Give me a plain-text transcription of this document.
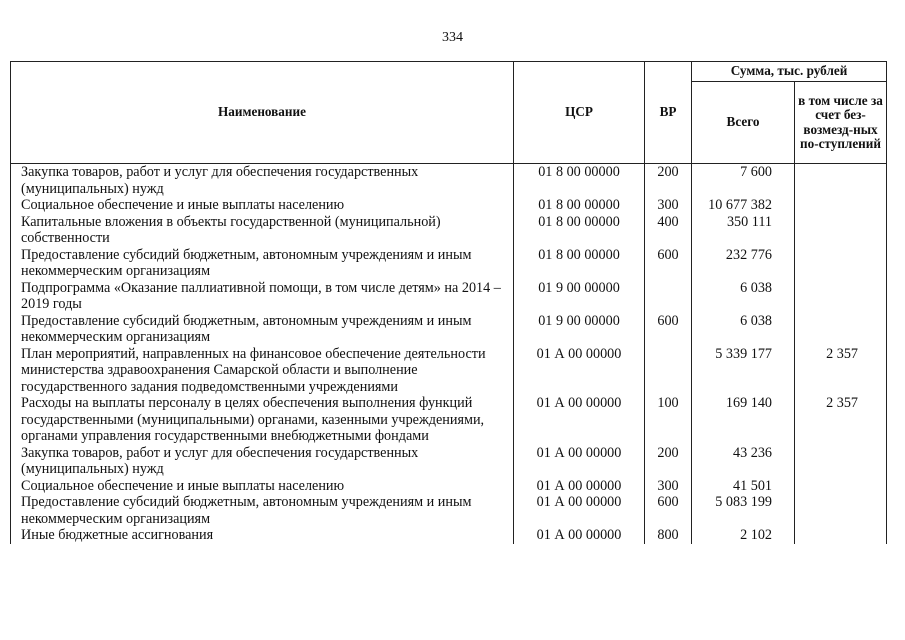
334
Наименование	ЦСР	ВР	Сумма, тыс. рублей	
			Всего	в том числе за счет без-возмезд-ных по-ступлений
Закупка товаров, работ и услуг для обеспечения государственных (муниципальных) нужд	01 8 00 00000	200	7 600	
Социальное обеспечение и иные выплаты населению	01 8 00 00000	300	10 677 382	
Капитальные вложения в объекты государственной (муниципальной) собственности	01 8 00 00000	400	350 111	
Предоставление субсидий бюджетным, автономным учреждениям и иным некоммерческим организациям	01 8 00 00000	600	232 776	
Подпрограмма «Оказание паллиативной помощи, в том числе детям» на 2014 – 2019 годы	01 9 00 00000		6 038	
Предоставление субсидий бюджетным, автономным учреждениям и иным некоммерческим организациям	01 9 00 00000	600	6 038	
План мероприятий, направленных на финансовое обеспечение деятельности министерства здравоохранения Самарской области и выполнение государственного задания подведомственными учреждениями	01 А 00 00000		5 339 177	2 357
Расходы на выплаты персоналу в целях обеспечения выполнения функций государственными (муниципальными) органами, казенными учреждениями, органами управления государственными внебюджетными фондами	01 А 00 00000	100	169 140	2 357
Закупка товаров, работ и услуг для обеспечения государственных (муниципальных) нужд	01 А 00 00000	200	43 236	
Социальное обеспечение и иные выплаты населению	01 А 00 00000	300	41 501	
Предоставление субсидий бюджетным, автономным учреждениям и иным некоммерческим организациям	01 А 00 00000	600	5 083 199	
Иные бюджетные ассигнования	01 А 00 00000	800	2 102	
